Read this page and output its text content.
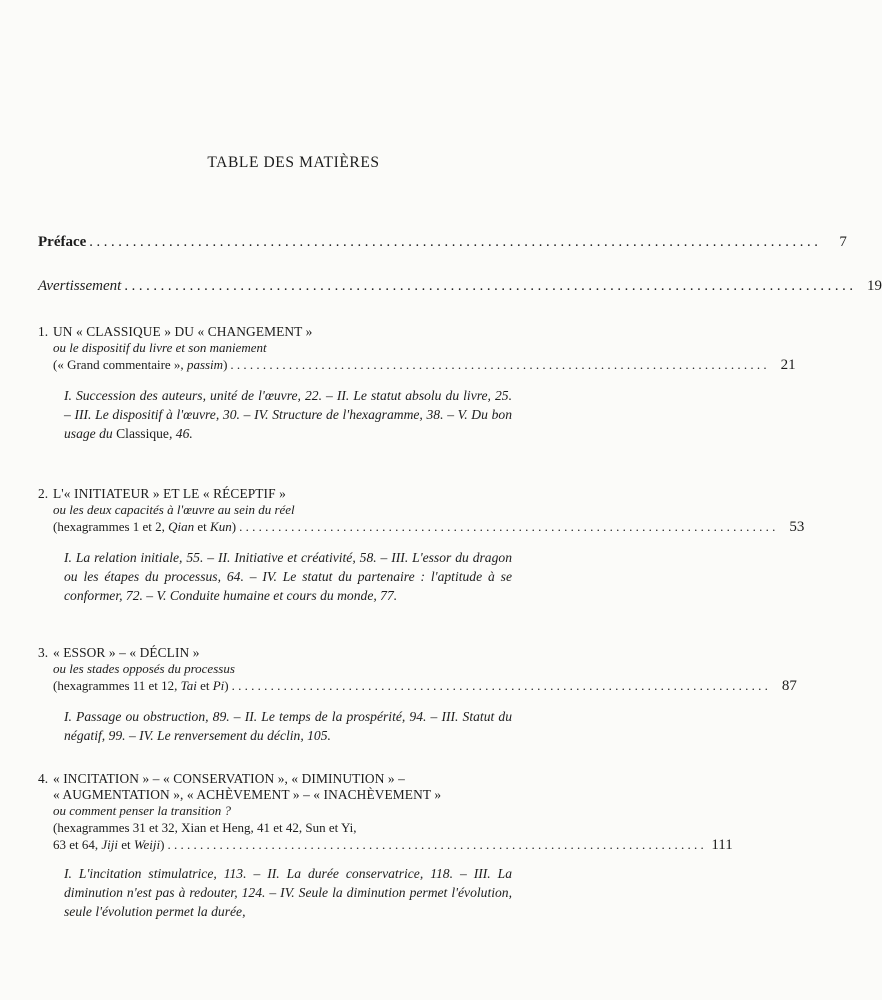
TABLE DES MATIÈRES
Préface . . .	7
Avertissement . . .	19
1. UN « CLASSIQUE » DU « CHANGEMENT »
ou le dispositif du livre et son maniement
(« Grand commentaire », passim) . . .	21
I. Succession des auteurs, unité de l'œuvre, 22. – II. Le statut absolu du livre, 25. – III. Le dispositif à l'œuvre, 30. – IV. Structure de l'hexagramme, 38. – V. Du bon usage du Classique, 46.
2. L'« INITIATEUR » ET LE « RÉCEPTIF »
ou les deux capacités à l'œuvre au sein du réel
(hexagrammes 1 et 2, Qian et Kun) . . .	53
I. La relation initiale, 55. – II. Initiative et créativité, 58. – III. L'essor du dragon ou les étapes du processus, 64. – IV. Le statut du partenaire : l'aptitude à se conformer, 72. – V. Conduite humaine et cours du monde, 77.
3. « ESSOR » – « DÉCLIN »
ou les stades opposés du processus
(hexagrammes 11 et 12, Tai et Pi) . . .	87
I. Passage ou obstruction, 89. – II. Le temps de la prospérité, 94. – III. Statut du négatif, 99. – IV. Le renversement du déclin, 105.
4. « INCITATION » – « CONSERVATION », « DIMINUTION » –
« AUGMENTATION », « ACHÈVEMENT » – « INACHÈVEMENT »
ou comment penser la transition ?
(hexagrammes 31 et 32, Xian et Heng, 41 et 42, Sun et Yi,
63 et 64, Jiji et Weiji) . . .	111
I. L'incitation stimulatrice, 113. – II. La durée conservatrice, 118. – III. La diminution n'est pas à redouter, 124. – IV. Seule la diminution permet l'évolution, seule l'évolution permet la durée,
